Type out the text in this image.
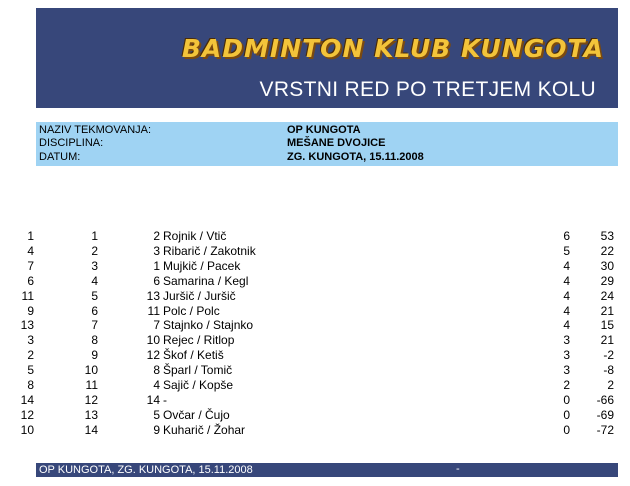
BADMINTON KLUB KUNGOTA
VRSTNI RED PO TRETJEM KOLU
NAZIV TEKMOVANJA:	OP KUNGOTA
DISCIPLINA:	MEŠANE DVOJICE
DATUM:	ZG. KUNGOTA, 15.11.2008
1	1	2 Rojnik / Vtič	6	53
4	2	3 Ribarič / Zakotnik	5	22
7	3	1 Mujkič / Pacek	4	30
6	4	6 Samarina / Kegl	4	29
11	5	13 Juršič / Juršič	4	24
9	6	11 Polc / Polc	4	21
13	7	7 Stajnko / Stajnko	4	15
3	8	10 Rejec / Ritlop	3	21
2	9	12 Škof / Ketiš	3	-2
5	10	8 Šparl / Tomič	3	-8
8	11	4 Sajič / Kopše	2	2
14	12	14 -	0	-66
12	13	5 Ovčar / Čujo	0	-69
10	14	9 Kuharič / Žohar	0	-72
OP KUNGOTA, ZG. KUNGOTA, 15.11.2008	-
